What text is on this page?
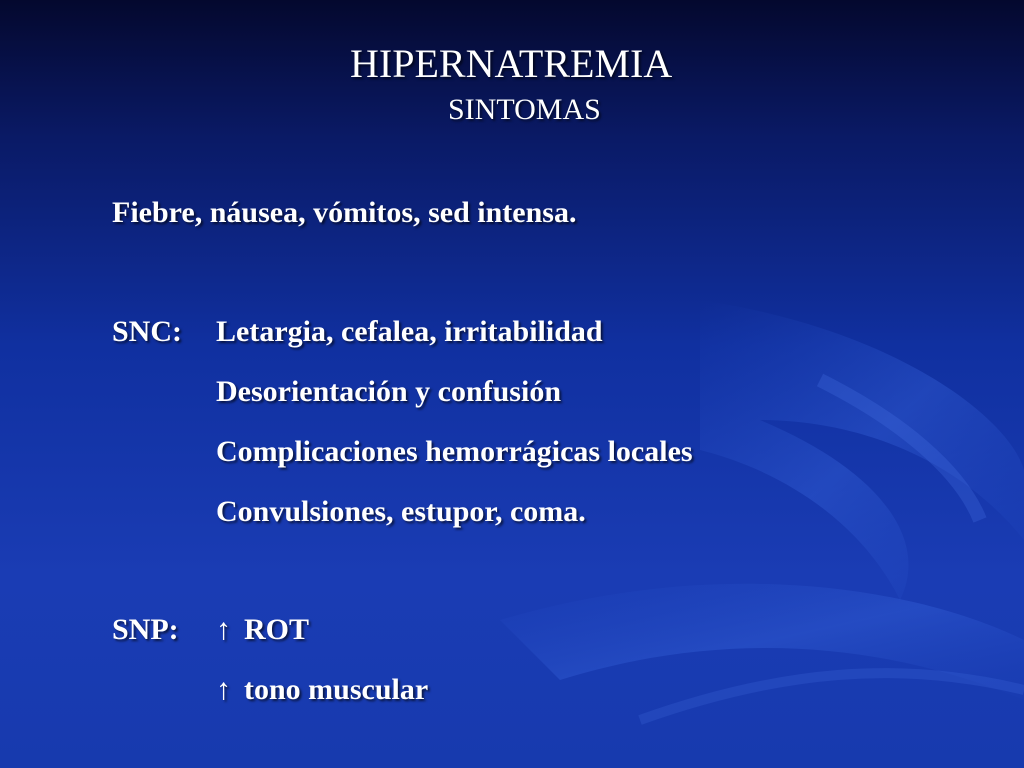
HIPERNATREMIA
SINTOMAS
Fiebre, náusea, vómitos, sed intensa.
SNC: Letargia, cefalea, irritabilidad
Desorientación y confusión
Complicaciones hemorrágicas locales
Convulsiones, estupor, coma.
SNP: ↑ ROT
↑ tono muscular
